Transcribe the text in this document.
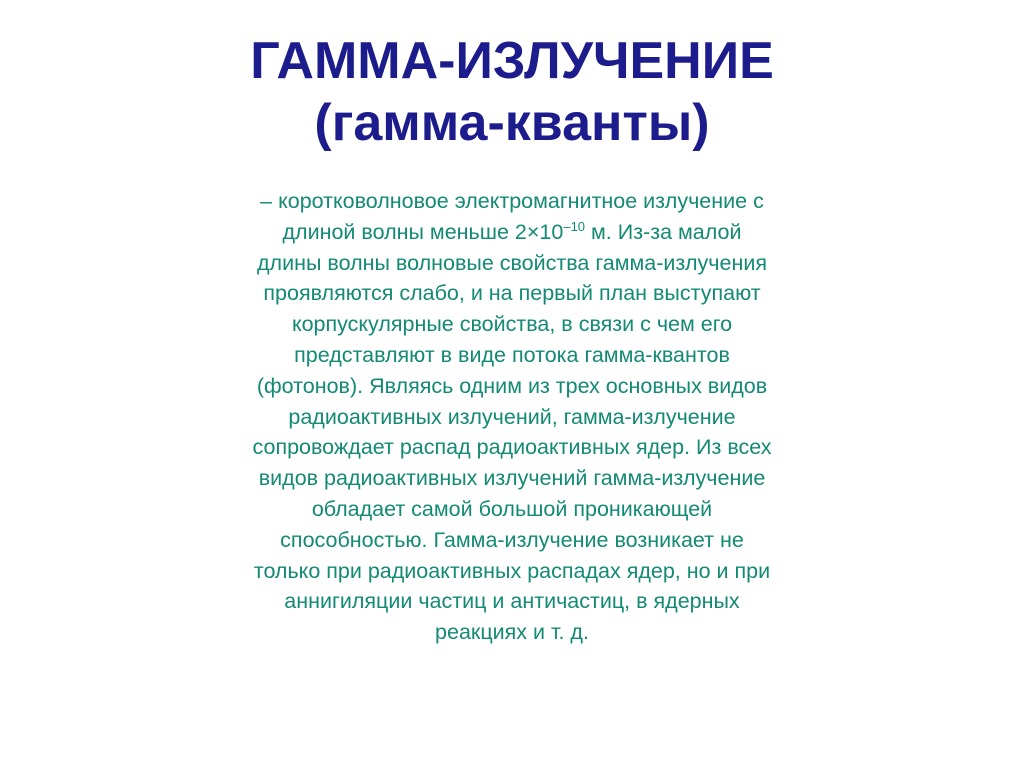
ГАММА-ИЗЛУЧЕНИЕ
(гамма-кванты)
– коротковолновое электромагнитное излучение с
длиной волны меньше $2\times 10^{-10}$ м. Из-за малой
длины волны волновые свойства гамма-излучения
проявляются слабо, и на первый план выступают
корпускулярные свойства, в связи с чем его
представляют в виде потока гамма-квантов
(фотонов). Являясь одним из трех основных видов
радиоактивных излучений, гамма-излучение
сопровождает распад радиоактивных ядер. Из всех
видов радиоактивных излучений гамма-излучение
обладает самой большой проникающей
способностью. Гамма-излучение возникает не
только при радиоактивных распадах ядер, но и при
аннигиляции частиц и античастиц, в ядерных
реакциях и т. д.
